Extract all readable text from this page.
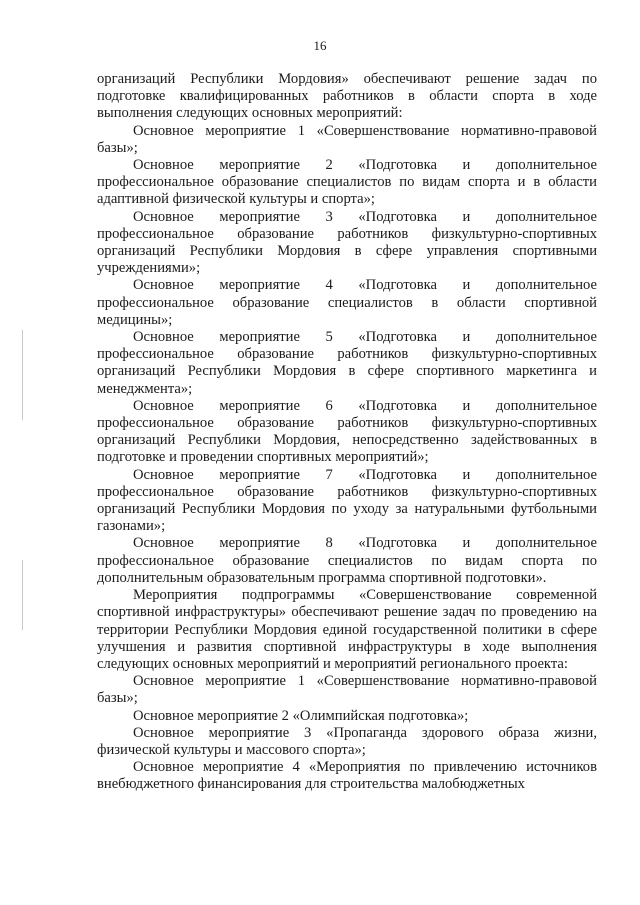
16

организаций Республики Мордовия» обеспечивают решение задач по подготовке квалифицированных работников в области спорта в ходе выполнения следующих основных мероприятий:

Основное мероприятие 1 «Совершенствование нормативно-правовой базы»;

Основное мероприятие 2 «Подготовка и дополнительное профессиональное образование специалистов по видам спорта и в области адаптивной физической культуры и спорта»;

Основное мероприятие 3 «Подготовка и дополнительное профессиональное образование работников физкультурно-спортивных организаций Республики Мордовия в сфере управления спортивными учреждениями»;

Основное мероприятие 4 «Подготовка и дополнительное профессиональное образование специалистов в области спортивной медицины»;

Основное мероприятие 5 «Подготовка и дополнительное профессиональное образование работников физкультурно-спортивных организаций Республики Мордовия в сфере спортивного маркетинга и менеджмента»;

Основное мероприятие 6 «Подготовка и дополнительное профессиональное образование работников физкультурно-спортивных организаций Республики Мордовия, непосредственно задействованных в подготовке и проведении спортивных мероприятий»;

Основное мероприятие 7 «Подготовка и дополнительное профессиональное образование работников физкультурно-спортивных организаций Республики Мордовия по уходу за натуральными футбольными газонами»;

Основное мероприятие 8 «Подготовка и дополнительное профессиональное образование специалистов по видам спорта по дополнительным образовательным программа спортивной подготовки».

Мероприятия подпрограммы «Совершенствование современной спортивной инфраструктуры» обеспечивают решение задач по проведению на территории Республики Мордовия единой государственной политики в сфере улучшения и развития спортивной инфраструктуры в ходе выполнения следующих основных мероприятий и мероприятий регионального проекта:

Основное мероприятие 1 «Совершенствование нормативно-правовой базы»;

Основное мероприятие 2 «Олимпийская подготовка»;

Основное мероприятие 3 «Пропаганда здорового образа жизни, физической культуры и массового спорта»;

Основное мероприятие 4 «Мероприятия по привлечению источников внебюджетного финансирования для строительства малобюджетных
